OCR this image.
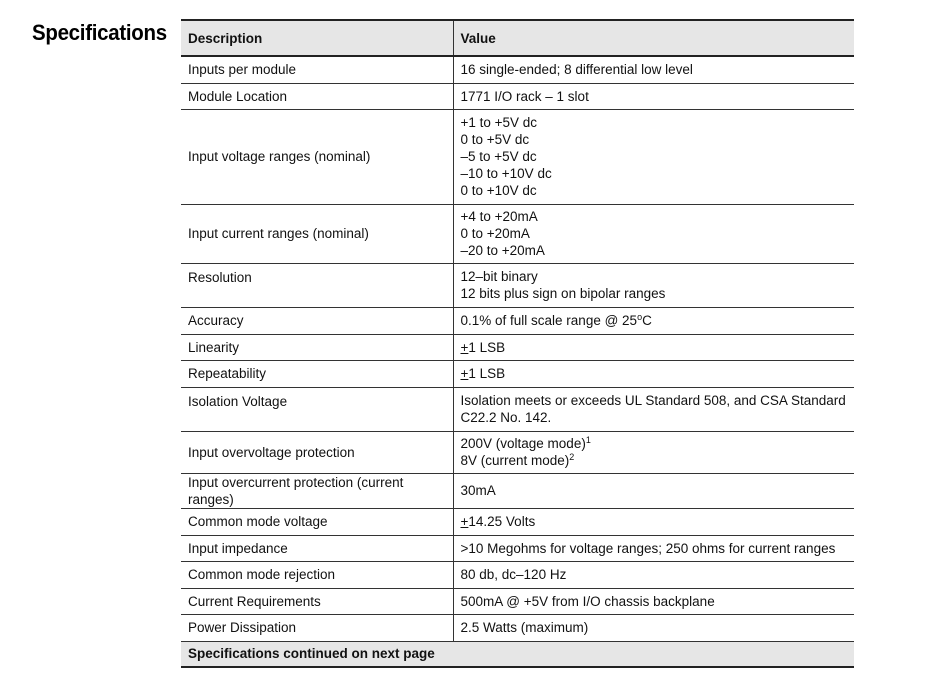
Specifications Description	Value
Inputs per module	16 single-ended; 8 differential low level

Module Location	1771 I/O rack – 1 slot

Input voltage ranges (nominal)	+1 to +5V dc
0 to +5V dc
–5 to +5V dc
–10 to +10V dc
0 to +10V dc

Input current ranges (nominal)	+4 to +20mA
0 to +20mA
–20 to +20mA

Resolution	12–bit binary
12 bits plus sign on bipolar ranges

Accuracy	0.1% of full scale range @ 25$^o$C
Linearity	+1 LSB
Repeatability	+1 LSB
Isolation Voltage	Isolation meets or exceeds UL Standard 508, and CSA Standard
C22.2 No. 142.

Input overvoltage protection	200V (voltage mode)$^1$
8V (current mode)$^2$

Input overcurrent protection (current ranges)	30mA

Common mode voltage	+14.25 Volts
Input impedance	>10 Megohms for voltage ranges; 250 ohms for current ranges

Common mode rejection	80 db, dc–120 Hz

Current Requirements	500mA @ +5V from I/O chassis backplane

Power Dissipation	2.5 Watts (maximum)

Specifications continued on next page	
